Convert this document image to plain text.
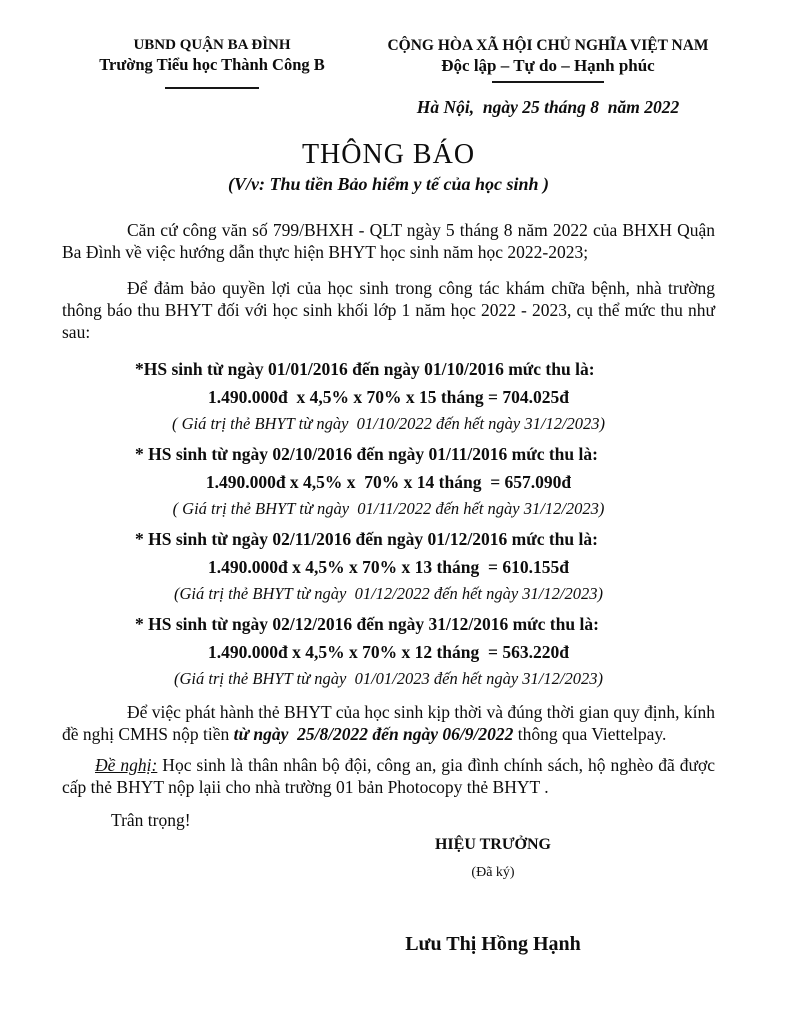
UBND QUẬN BA ĐÌNH
Trường Tiểu học Thành Công B
CỘNG HÒA XÃ HỘI CHỦ NGHĨA VIỆT NAM
Độc lập – Tự do – Hạnh phúc
Hà Nội,  ngày 25 tháng 8  năm 2022
THÔNG BÁO
(V/v: Thu tiền Bảo hiểm y tế của học sinh )
Căn cứ công văn số 799/BHXH - QLT ngày 5 tháng 8 năm 2022 của BHXH Quận Ba Đình về việc hướng dẫn thực hiện BHYT học sinh năm học 2022-2023;
Để đảm bảo quyền lợi của học sinh trong công tác khám chữa bệnh, nhà trường thông báo thu BHYT đối với học sinh khối lớp 1 năm học 2022 - 2023, cụ thể mức thu như sau:
*HS sinh từ ngày 01/01/2016 đến ngày 01/10/2016 mức thu là:
1.490.000đ  x 4,5% x 70% x 15 tháng = 704.025đ
( Giá trị thẻ BHYT từ ngày  01/10/2022 đến hết ngày 31/12/2023)
* HS sinh từ ngày 02/10/2016 đến ngày 01/11/2016 mức thu là:
1.490.000đ x 4,5% x  70% x 14 tháng  = 657.090đ
( Giá trị thẻ BHYT từ ngày  01/11/2022 đến hết ngày 31/12/2023)
* HS sinh từ ngày 02/11/2016 đến ngày 01/12/2016 mức thu là:
1.490.000đ x 4,5% x 70% x 13 tháng  = 610.155đ
(Giá trị thẻ BHYT từ ngày  01/12/2022 đến hết ngày 31/12/2023)
* HS sinh từ ngày 02/12/2016 đến ngày 31/12/2016 mức thu là:
1.490.000đ x 4,5% x 70% x 12 tháng  = 563.220đ
(Giá trị thẻ BHYT từ ngày  01/01/2023 đến hết ngày 31/12/2023)
Để việc phát hành thẻ BHYT của học sinh kịp thời và đúng thời gian quy định, kính đề nghị CMHS nộp tiền từ ngày  25/8/2022 đến ngày 06/9/2022 thông qua Viettelpay.
Đề nghị: Học sinh là thân nhân bộ đội, công an, gia đình chính sách, hộ nghèo đã được cấp thẻ BHYT nộp lạii cho nhà trường 01 bản Photocopy thẻ BHYT .
Trân trọng!
HIỆU TRƯỞNG
(Đã ký)
Lưu Thị Hồng Hạnh
